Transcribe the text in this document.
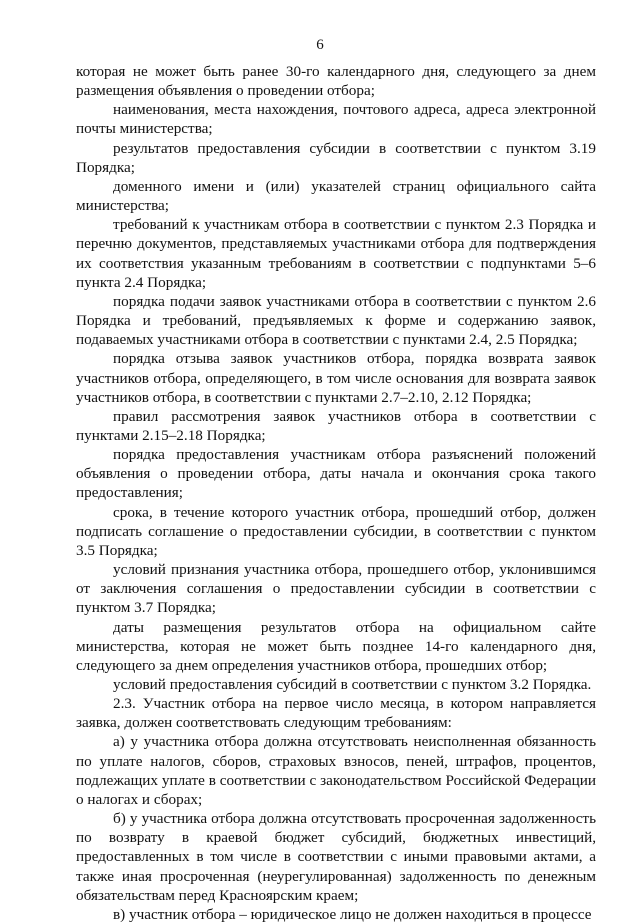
6

которая не может быть ранее 30-го календарного дня, следующего за днем размещения объявления о проведении отбора;

наименования, места нахождения, почтового адреса, адреса электронной почты министерства;

результатов предоставления субсидии в соответствии с пунктом 3.19 Порядка;

доменного имени и (или) указателей страниц официального сайта министерства;

требований к участникам отбора в соответствии с пунктом 2.3 Порядка и перечню документов, представляемых участниками отбора для подтверждения их соответствия указанным требованиям в соответствии с подпунктами 5–6 пункта 2.4 Порядка;

порядка подачи заявок участниками отбора в соответствии с пунктом 2.6 Порядка и требований, предъявляемых к форме и содержанию заявок, подаваемых участниками отбора в соответствии с пунктами 2.4, 2.5 Порядка;

порядка отзыва заявок участников отбора, порядка возврата заявок участников отбора, определяющего, в том числе основания для возврата заявок участников отбора, в соответствии с пунктами 2.7–2.10, 2.12 Порядка;

правил рассмотрения заявок участников отбора в соответствии с пунктами 2.15–2.18 Порядка;

порядка предоставления участникам отбора разъяснений положений объявления о проведении отбора, даты начала и окончания срока такого предоставления;

срока, в течение которого участник отбора, прошедший отбор, должен подписать соглашение о предоставлении субсидии, в соответствии с пунктом 3.5 Порядка;

условий признания участника отбора, прошедшего отбор, уклонившимся от заключения соглашения о предоставлении субсидии в соответствии с пунктом 3.7 Порядка;

даты размещения результатов отбора на официальном сайте министерства, которая не может быть позднее 14-го календарного дня, следующего за днем определения участников отбора, прошедших отбор;

условий предоставления субсидий в соответствии с пунктом 3.2 Порядка.

2.3. Участник отбора на первое число месяца, в котором направляется заявка, должен соответствовать следующим требованиям:

а) у участника отбора должна отсутствовать неисполненная обязанность по уплате налогов, сборов, страховых взносов, пеней, штрафов, процентов, подлежащих уплате в соответствии с законодательством Российской Федерации о налогах и сборах;

б) у участника отбора должна отсутствовать просроченная задолженность по возврату в краевой бюджет субсидий, бюджетных инвестиций, предоставленных в том числе в соответствии с иными правовыми актами, а также иная просроченная (неурегулированная) задолженность по денежным обязательствам перед Красноярским краем;

в) участник отбора – юридическое лицо не должен находиться в процессе
